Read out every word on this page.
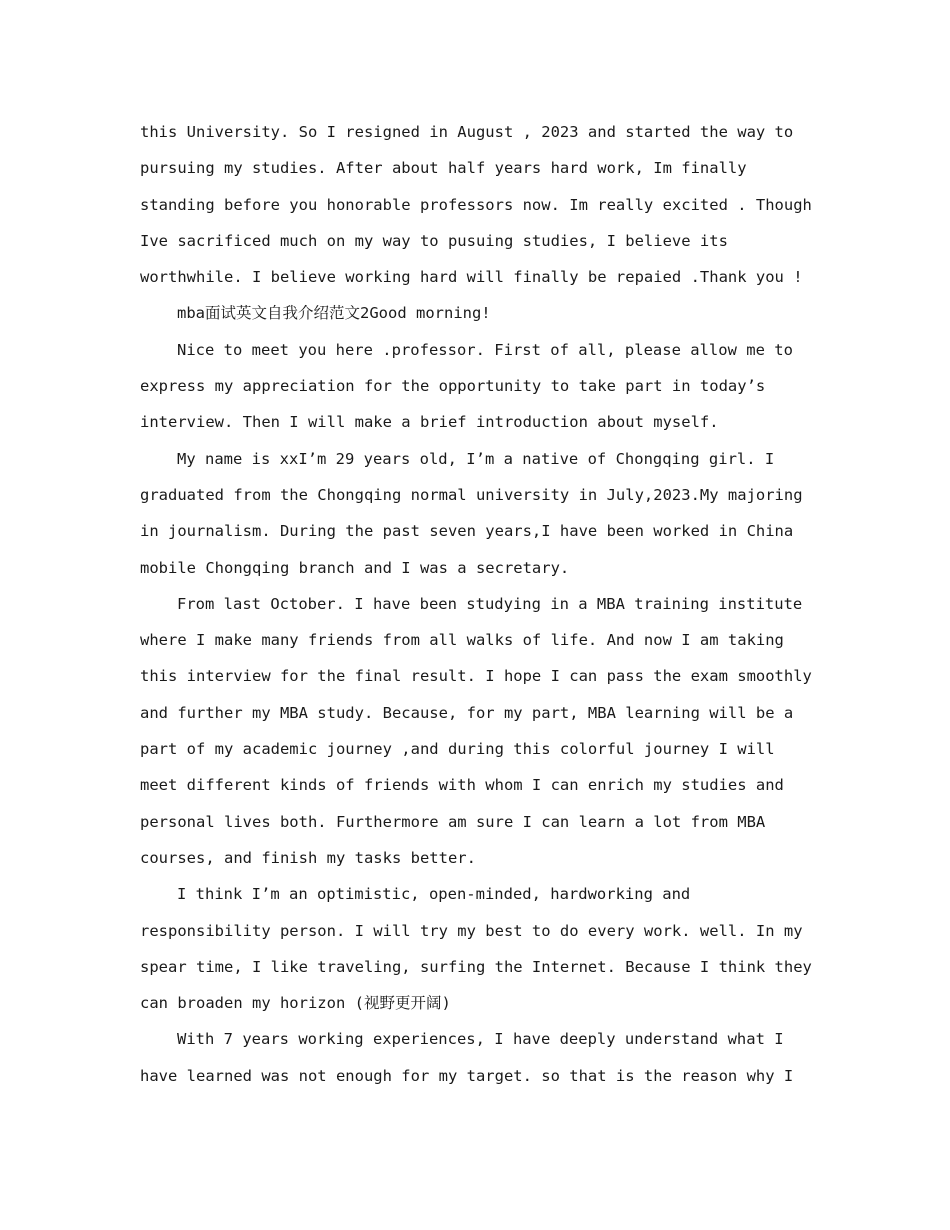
this University. So I resigned in August , 2023 and started the way to
pursuing my studies. After about half years hard work, Im finally
standing before you honorable professors now. Im really excited . Though
Ive sacrificed much on my way to pusuing studies, I believe its
worthwhile. I believe working hard will finally be repaied .Thank you !
mba面试英文自我介绍范文2Good morning!
Nice to meet you here .professor. First of all, please allow me to
express my appreciation for the opportunity to take part in today’s
interview. Then I will make a brief introduction about myself.
My name is xxI’m 29 years old, I’m a native of Chongqing girl. I
graduated from the Chongqing normal university in July,2023.My majoring
in journalism. During the past seven years,I have been worked in China
mobile Chongqing branch and I was a secretary.
From last October. I have been studying in a MBA training institute
where I make many friends from all walks of life. And now I am taking
this interview for the final result. I hope I can pass the exam smoothly
and further my MBA study. Because, for my part, MBA learning will be a
part of my academic journey ,and during this colorful journey I will
meet different kinds of friends with whom I can enrich my studies and
personal lives both. Furthermore am sure I can learn a lot from MBA
courses, and finish my tasks better.
I think I’m an optimistic, open-minded, hardworking and
responsibility person. I will try my best to do every work. well. In my
spear time, I like traveling, surfing the Internet. Because I think they
can broaden my horizon (视野更开阔)
With 7 years working experiences, I have deeply understand what I
have learned was not enough for my target. so that is the reason why I
